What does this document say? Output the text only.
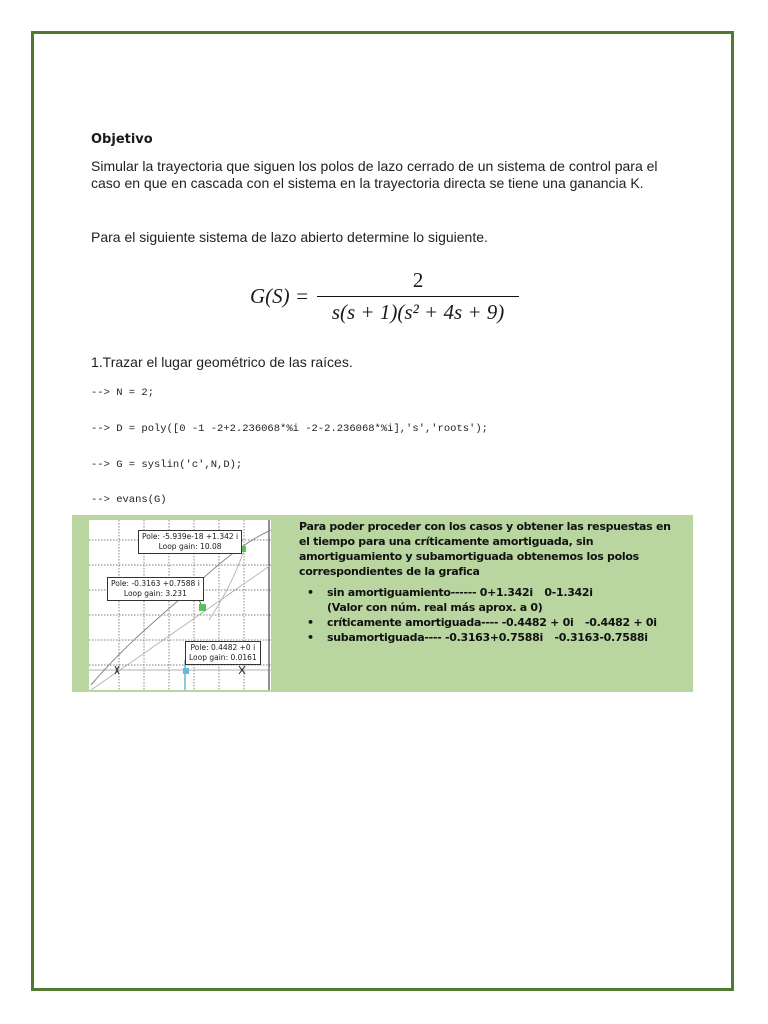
Objetivo
Simular la trayectoria que siguen los polos de lazo cerrado de un sistema de control para el caso en que en cascada con el sistema en la trayectoria directa se tiene una ganancia K.
Para el siguiente sistema de lazo abierto determine lo siguiente.
$G(S) = \frac{2}{\text{s(s + 1)(s² + 4s + 9)}}$
1.Trazar el lugar geométrico de las raíces.
--> N = 2;
--> D = poly([0 -1 -2+2.236068*%i -2-2.236068*%i],'s','roots');
--> G = syslin('c',N,D);
--> evans(G)
Pole: -5.939e-18 +1.342 i
Loop gain: 10.08
Pole: -0.3163 +0.7588 i
Loop gain: 3.231
Pole: 0.4482 +0 i
Loop gain: 0.0161
Para poder proceder con los casos y obtener las respuestas en el tiempo para una críticamente amortiguada, sin amortiguamiento y subamortiguada obtenemos los polos correspondientes de la grafica
• sin amortiguamiento------ 0+1.342i 0-1.342i
(Valor con núm. real más aprox. a 0)
• críticamente amortiguada---- -0.4482 + 0i -0.4482 + 0i
• subamortiguada---- -0.3163+0.7588i -0.3163-0.7588i
